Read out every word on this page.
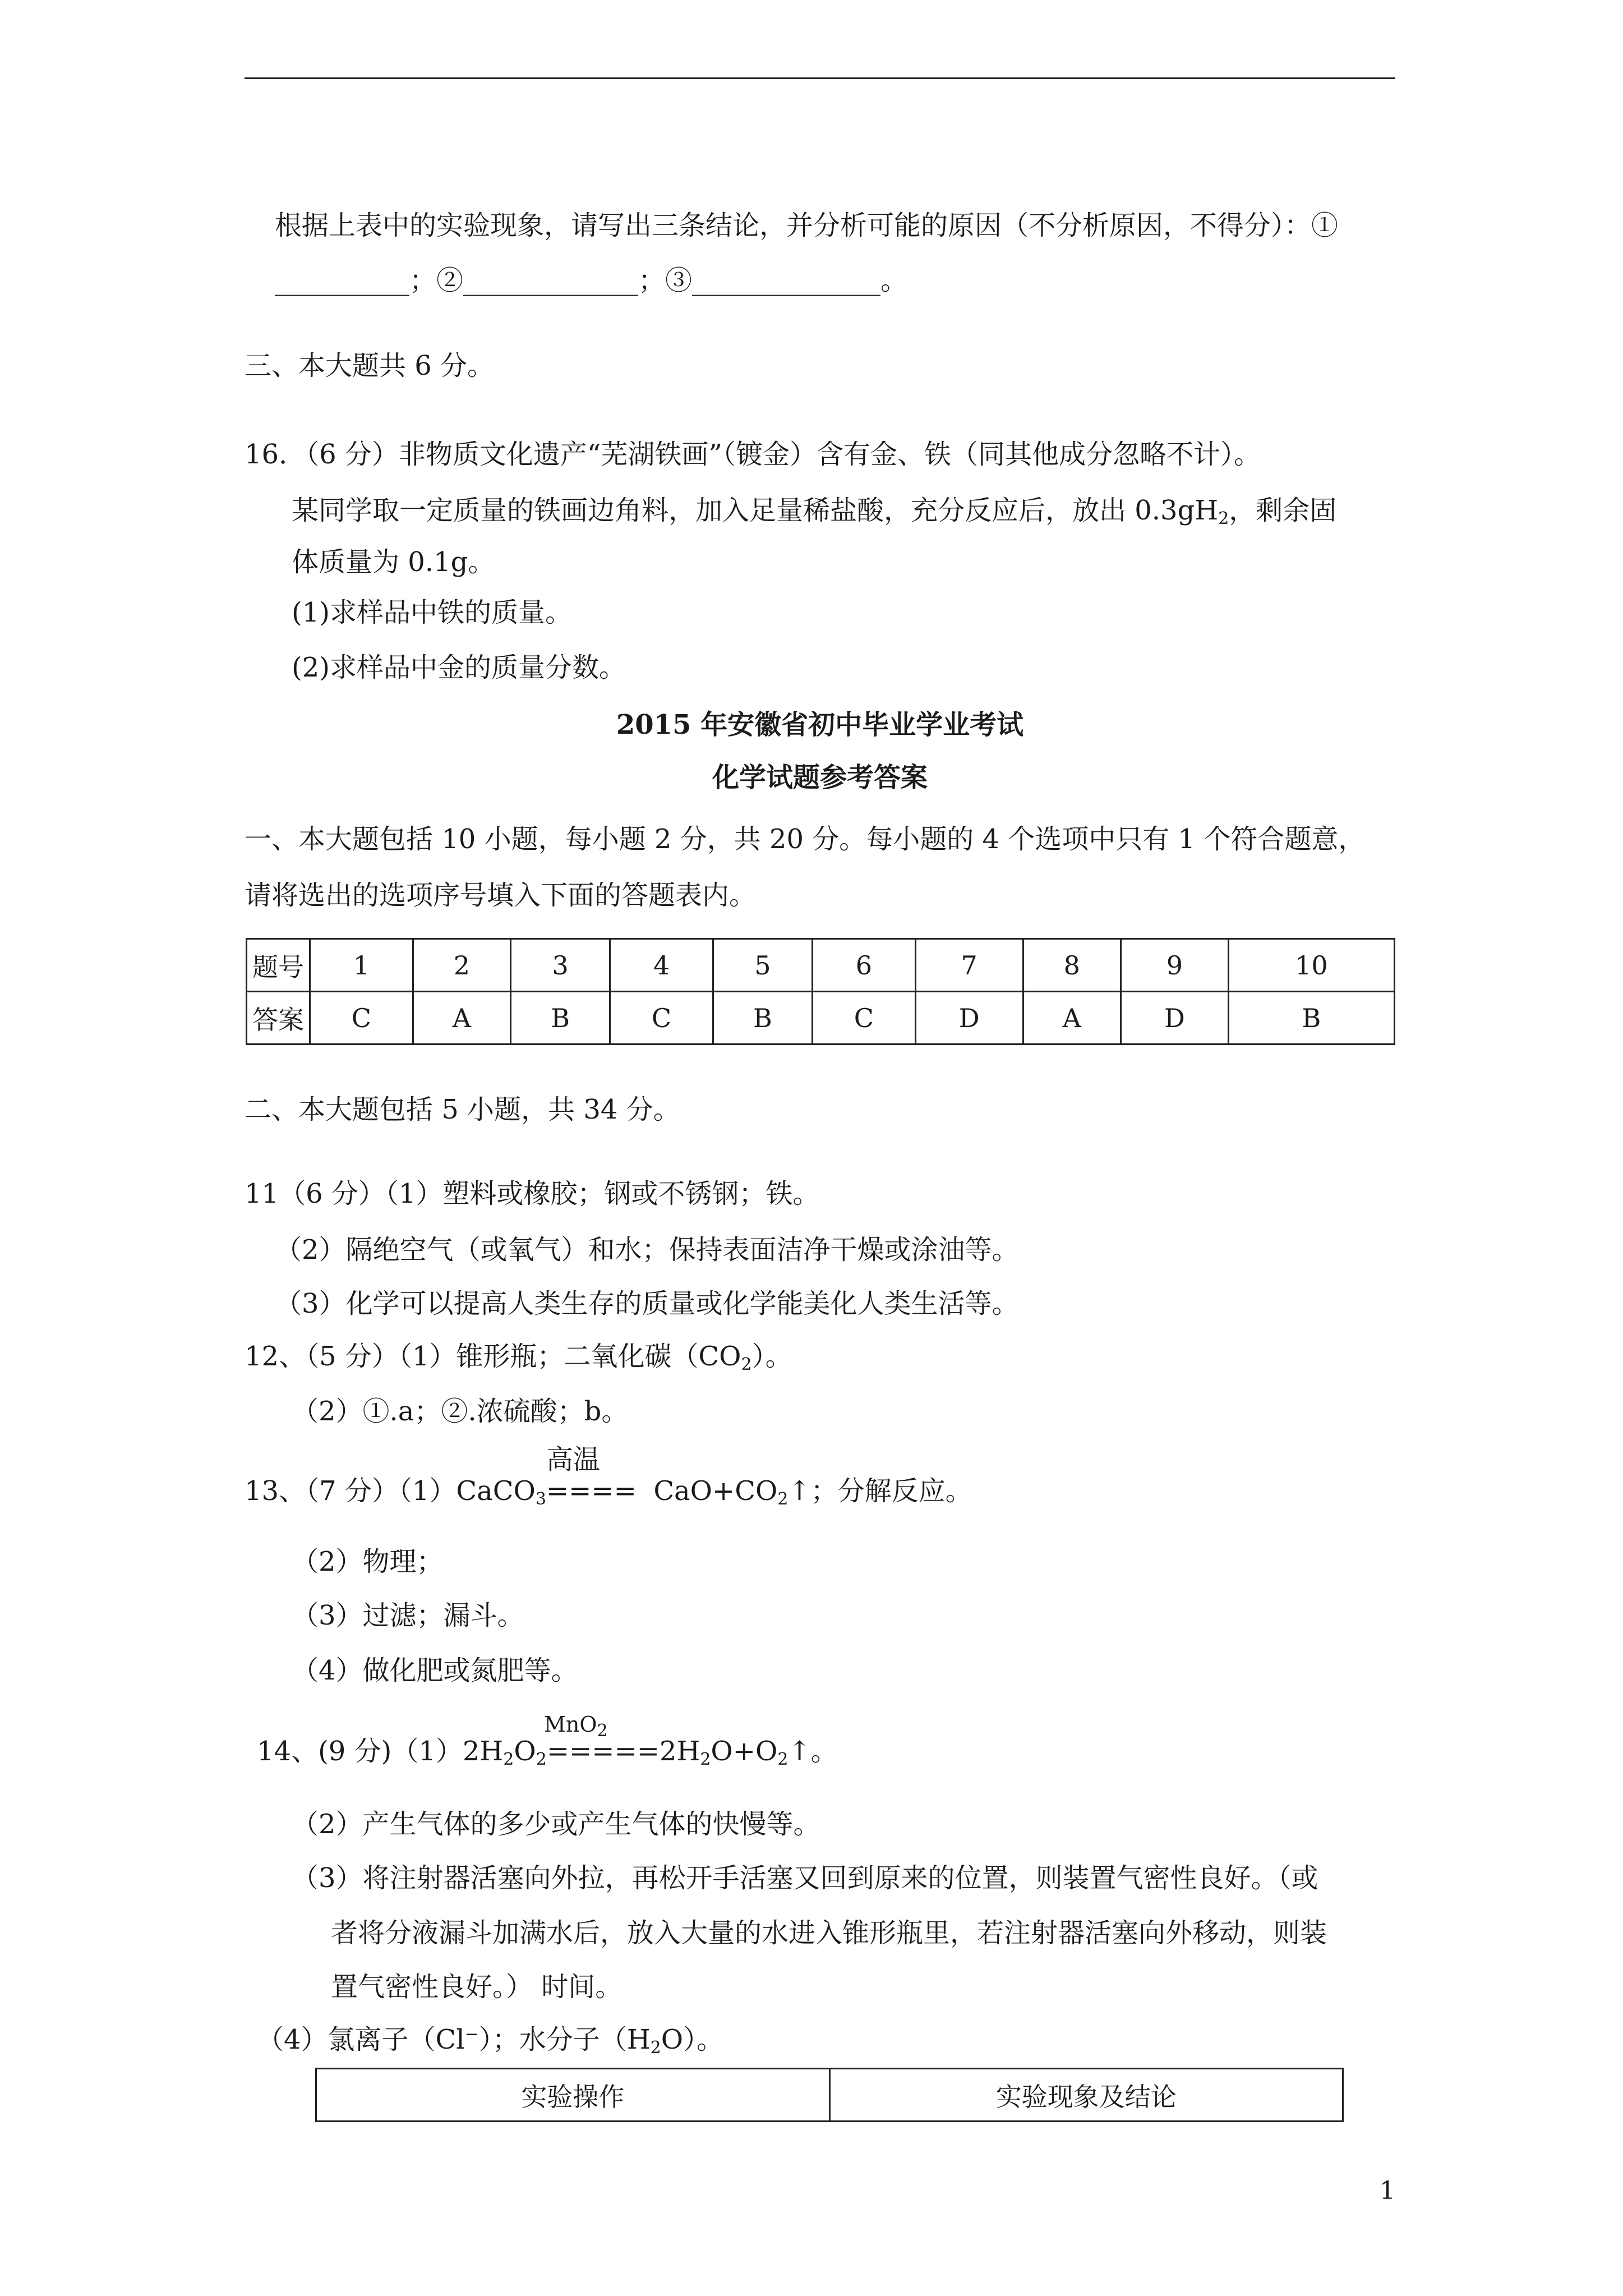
根据上表中的实验现象，请写出三条结论，并分析可能的原因（不分析原因，不得分）：①
__________；②_____________；③______________。
三、本大题共 6 分。
16．（6 分）非物质文化遗产“芜湖铁画”（镀金）含有金、铁（同其他成分忽略不计）。
某同学取一定质量的铁画边角料，加入足量稀盐酸，充分反应后，放出 $0.3gH_2$，剩余固
体质量为 0.1g。
(1)求样品中铁的质量。
(2)求样品中金的质量分数。
2015 年安徽省初中毕业学业考试
化学试题参考答案
一、本大题包括 10 小题，每小题 2 分，共 20 分。每小题的 4 个选项中只有 1 个符合题意，
请将选出的选项序号填入下面的答题表内。
题号	1	2	3	4	5	6	7	8	9	10
答案	C	A	B	C	B	C	D	A	D	B
二、本大题包括 5 小题，共 34 分。
11（6 分）（1）塑料或橡胶；钢或不锈钢；铁。
（2）隔绝空气（或氧气）和水；保持表面洁净干燥或涂油等。
（3）化学可以提高人类生存的质量或化学能美化人类生活等。
12、（5 分）（1）锥形瓶；二氧化碳$(CO_2)$。
（2）①.a；②.浓硫酸；b。
高温
13、（7 分）（1）CaCO$_3$==== $CaO+CO_2↑$；分解反应。
（2）物理；
（3）过滤；漏斗。
（4）做化肥或氮肥等。
MnO$_2$
14、(9 分)$(1)2H_2O_2=====2H_2O+O_2↑$。
（2）产生气体的多少或产生气体的快慢等。
（3）将注射器活塞向外拉，再松开手活塞又回到原来的位置，则装置气密性良好。（或
者将分液漏斗加满水后，放入大量的水进入锥形瓶里，若注射器活塞向外移动，则装
置气密性良好。） 时间。
（4）氯离子（Cl−）；水分子$(H_2O)$。
实验操作	实验现象及结论
1
